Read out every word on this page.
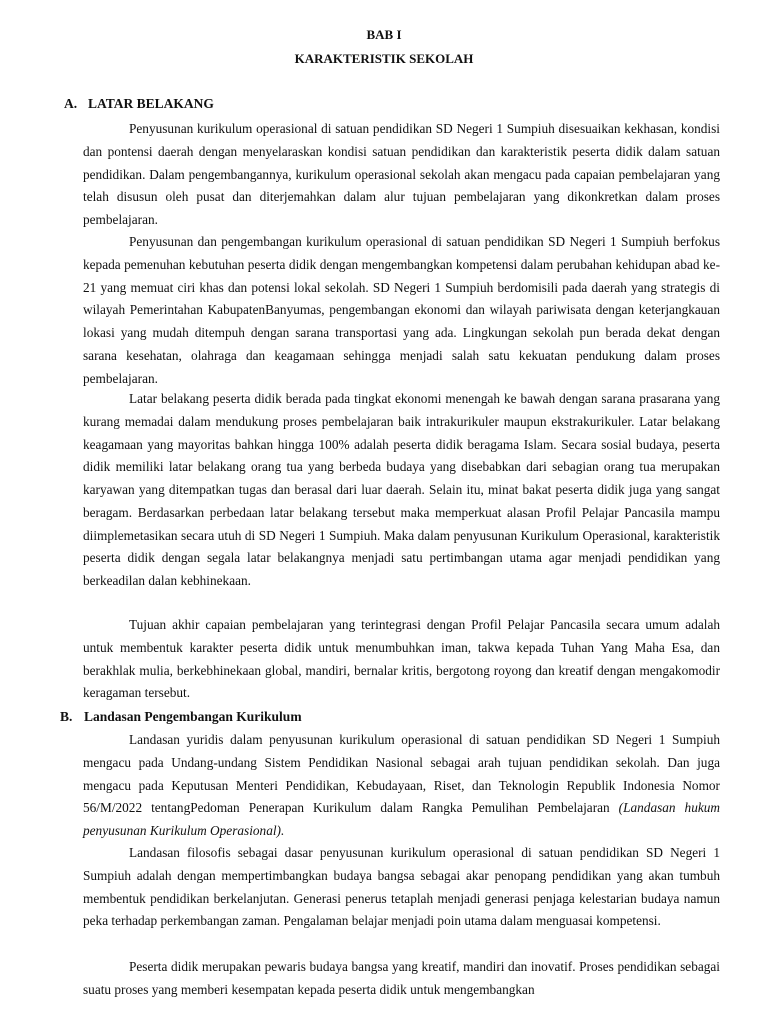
BAB I

KARAKTERISTIK SEKOLAH

A. LATAR BELAKANG

Penyusunan kurikulum operasional di satuan pendidikan SD Negeri 1 Sumpiuh disesuaikan kekhasan, kondisi dan pontensi daerah dengan menyelaraskan kondisi satuan pendidikan dan karakteristik peserta didik dalam satuan pendidikan. Dalam pengembangannya, kurikulum operasional sekolah akan mengacu pada capaian pembelajaran yang telah disusun oleh pusat dan diterjemahkan dalam alur tujuan pembelajaran yang dikonkretkan dalam proses pembelajaran.

Penyusunan dan pengembangan kurikulum operasional di satuan pendidikan SD Negeri 1 Sumpiuh berfokus kepada pemenuhan kebutuhan peserta didik dengan mengembangkan kompetensi dalam perubahan kehidupan abad ke-21 yang memuat ciri khas dan potensi lokal sekolah. SD Negeri 1 Sumpiuh berdomisili pada daerah yang strategis di wilayah Pemerintahan KabupatenBanyumas, pengembangan ekonomi dan wilayah pariwisata dengan keterjangkauan lokasi yang mudah ditempuh dengan sarana transportasi yang ada. Lingkungan sekolah pun berada dekat dengan sarana kesehatan, olahraga dan keagamaan sehingga menjadi salah satu kekuatan pendukung dalam proses pembelajaran.

Latar belakang peserta didik berada pada tingkat ekonomi menengah ke bawah dengan sarana prasarana yang kurang memadai dalam mendukung proses pembelajaran baik intrakurikuler maupun ekstrakurikuler. Latar belakang keagamaan yang mayoritas bahkan hingga 100% adalah peserta didik beragama Islam. Secara sosial budaya, peserta didik memiliki latar belakang orang tua yang berbeda budaya yang disebabkan dari sebagian orang tua merupakan karyawan yang ditempatkan tugas dan berasal dari luar daerah. Selain itu, minat bakat peserta didik juga yang sangat beragam. Berdasarkan perbedaan latar belakang tersebut maka memperkuat alasan Profil Pelajar Pancasila mampu diimplemetasikan secara utuh di SD Negeri 1 Sumpiuh. Maka dalam penyusunan Kurikulum Operasional, karakteristik peserta didik dengan segala latar belakangnya menjadi satu pertimbangan utama agar menjadi pendidikan yang berkeadilan dalan kebhinekaan.

Tujuan akhir capaian pembelajaran yang terintegrasi dengan Profil Pelajar Pancasila secara umum adalah untuk membentuk karakter peserta didik untuk menumbuhkan iman, takwa kepada Tuhan Yang Maha Esa, dan berakhlak mulia, berkebhinekaan global, mandiri, bernalar kritis, bergotong royong dan kreatif dengan mengakomodir keragaman tersebut.

B. Landasan Pengembangan Kurikulum

Landasan yuridis dalam penyusunan kurikulum operasional di satuan pendidikan SD Negeri 1 Sumpiuh mengacu pada Undang-undang Sistem Pendidikan Nasional sebagai arah tujuan pendidikan sekolah. Dan juga mengacu pada Keputusan Menteri Pendidikan, Kebudayaan, Riset, dan Teknologin Republik Indonesia Nomor 56/M/2022 tentangPedoman Penerapan Kurikulum dalam Rangka Pemulihan Pembelajaran (Landasan hukum penyusunan Kurikulum Operasional).

Landasan filosofis sebagai dasar penyusunan kurikulum operasional di satuan pendidikan SD Negeri 1 Sumpiuh adalah dengan mempertimbangkan budaya bangsa sebagai akar penopang pendidikan yang akan tumbuh membentuk pendidikan berkelanjutan. Generasi penerus tetaplah menjadi generasi penjaga kelestarian budaya namun peka terhadap perkembangan zaman. Pengalaman belajar menjadi poin utama dalam menguasai kompetensi.

Peserta didik merupakan pewaris budaya bangsa yang kreatif, mandiri dan inovatif. Proses pendidikan sebagai suatu proses yang memberi kesempatan kepada peserta didik untuk mengembangkan
